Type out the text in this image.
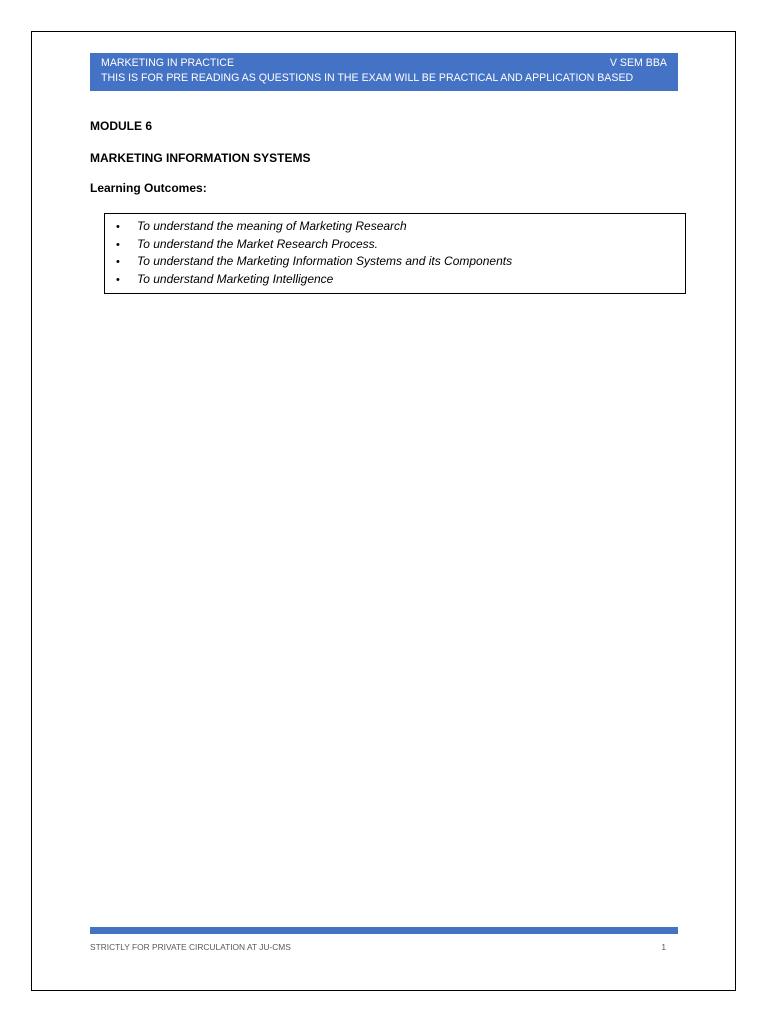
MARKETING IN PRACTICE	V SEM BBA
THIS IS FOR PRE READING AS QUESTIONS IN THE EXAM WILL BE PRACTICAL AND APPLICATION BASED
MODULE 6
MARKETING INFORMATION SYSTEMS
Learning Outcomes:
•	To understand the meaning of Marketing Research
•	To understand the Market Research Process.
•	To understand the Marketing Information Systems and its Components
•	To understand Marketing Intelligence
STRICTLY FOR PRIVATE CIRCULATION AT JU-CMS	1
